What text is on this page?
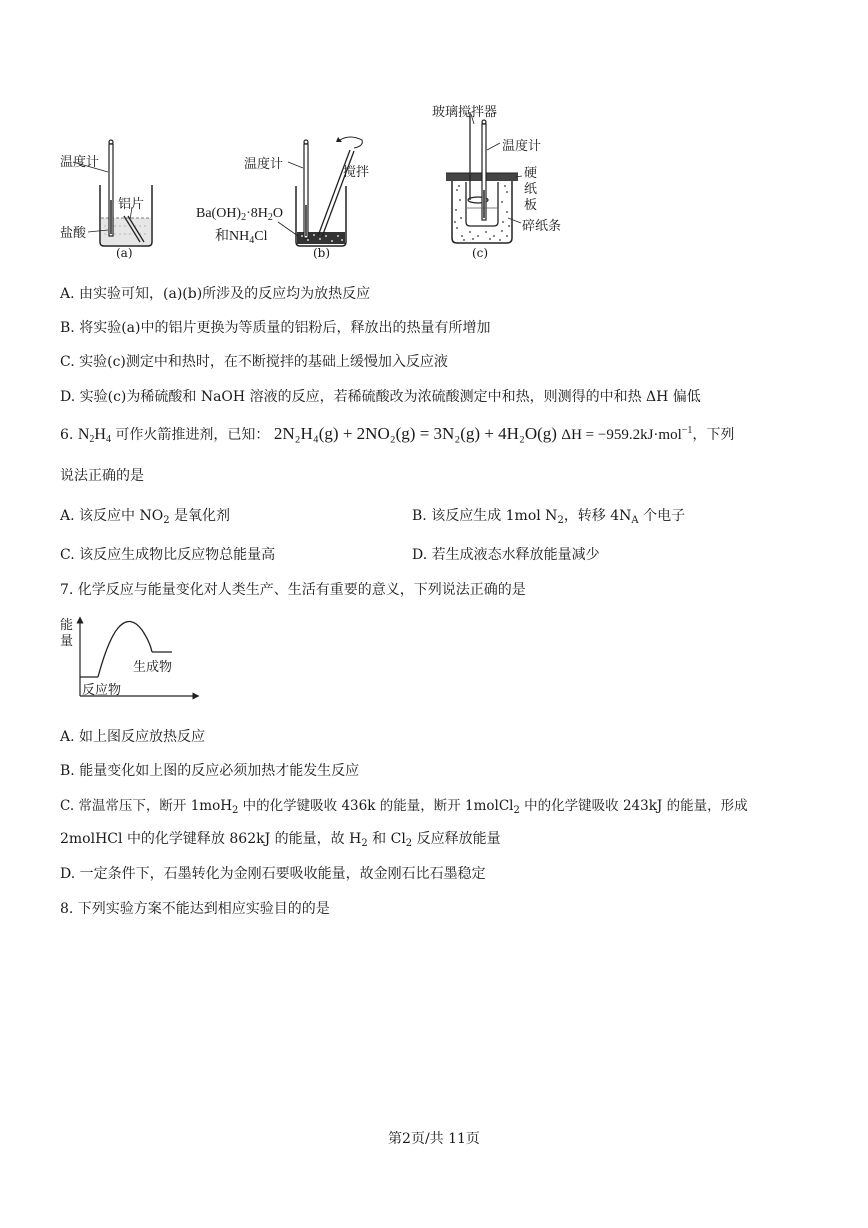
温度计
铝片
盐酸
(a)
温度计
搅拌
$Ba(OH)_2\cdot 8H_2O$
和$NH_4Cl$
(b)
玻璃搅拌器
温度计
硬
纸
板
碎纸条
(c)
A. 由实验可知，(a)(b)所涉及的反应均为放热反应
B. 将实验(a)中的铝片更换为等质量的铝粉后，释放出的热量有所增加
C. 实验(c)测定中和热时，在不断搅拌的基础上缓慢加入反应液
D. 实验(c)为稀硫酸和 NaOH 溶液的反应，若稀硫酸改为浓硫酸测定中和热，则测得的中和热 ΔH 偏低
6. $N_2H_4$ 可作火箭推进剂，已知： 2N₂H₄(g) + 2NO₂(g) = 3N₂(g) + 4H₂O(g) ΔH = −959.2kJ·mol$^{-1}$，下列
说法正确的是
A. 该反应中 $NO_2$ 是氧化剂	B. 该反应生成 1mol $N_2$，转移 $4N_A$ 个电子
C. 该反应生成物比反应物总能量高	D. 若生成液态水释放能量减少
7. 化学反应与能量变化对人类生产、生活有重要的意义，下列说法正确的是
能
量
生成物
反应物
A. 如上图反应放热反应
B. 能量变化如上图的反应必须加热才能发生反应
C. 常温常压下，断开 1moH$_2$ 中的化学键吸收 436k 的能量，断开 1molCl$_2$ 中的化学键吸收 243kJ 的能量，形成
2molHCl 中的化学键释放 862kJ 的能量，故 $H_2$ 和 $Cl_2$ 反应释放能量
D. 一定条件下，石墨转化为金刚石要吸收能量，故金刚石比石墨稳定
8. 下列实验方案不能达到相应实验目的的是
第2页/共 11页
